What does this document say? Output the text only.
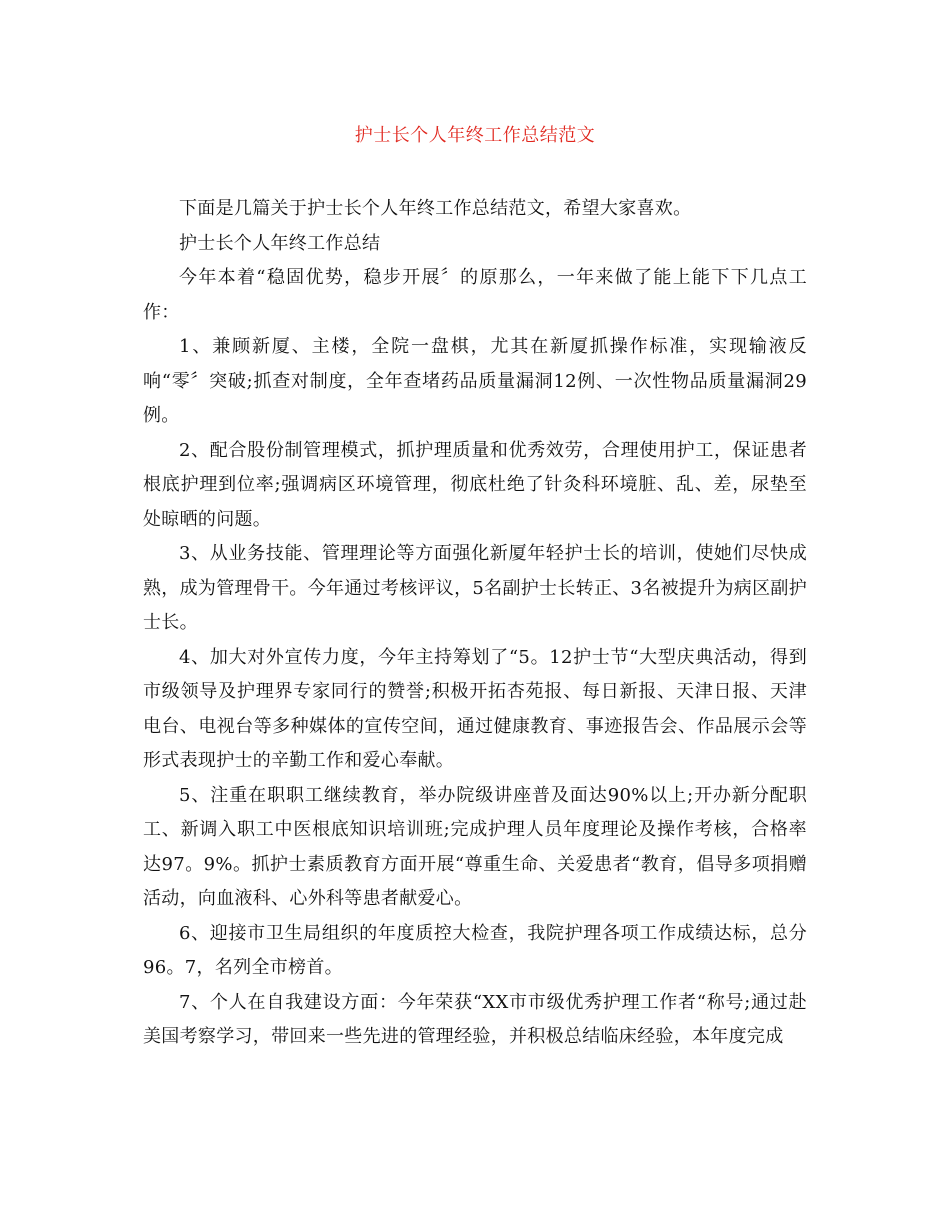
护士长个人年终工作总结范文

下面是几篇关于护士长个人年终工作总结范文，希望大家喜欢。

护士长个人年终工作总结

今年本着“稳固优势，稳步开展〞的原那么，一年来做了能上能下下几点工作：

1、兼顾新厦、主楼，全院一盘棋，尤其在新厦抓操作标准，实现输液反响“零〞突破;抓查对制度，全年查堵药品质量漏洞12例、一次性物品质量漏洞29例。

2、配合股份制管理模式，抓护理质量和优秀效劳，合理使用护工，保证患者根底护理到位率;强调病区环境管理，彻底杜绝了针灸科环境脏、乱、差，尿垫至处晾晒的问题。

3、从业务技能、管理理论等方面强化新厦年轻护士长的培训，使她们尽快成熟，成为管理骨干。今年通过考核评议，5名副护士长转正、3名被提升为病区副护士长。

4、加大对外宣传力度，今年主持筹划了“5。12护士节“大型庆典活动，得到市级领导及护理界专家同行的赞誉;积极开拓杏苑报、每日新报、天津日报、天津电台、电视台等多种媒体的宣传空间，通过健康教育、事迹报告会、作品展示会等形式表现护士的辛勤工作和爱心奉献。

5、注重在职职工继续教育，举办院级讲座普及面达90%以上;开办新分配职工、新调入职工中医根底知识培训班;完成护理人员年度理论及操作考核，合格率达97。9%。抓护士素质教育方面开展“尊重生命、关爱患者“教育，倡导多项捐赠活动，向血液科、心外科等患者献爱心。

6、迎接市卫生局组织的年度质控大检查，我院护理各项工作成绩达标，总分96。7，名列全市榜首。

7、个人在自我建设方面：今年荣获“XX市市级优秀护理工作者“称号;通过赴美国考察学习，带回来一些先进的管理经验，并积极总结临床经验，本年度完成
